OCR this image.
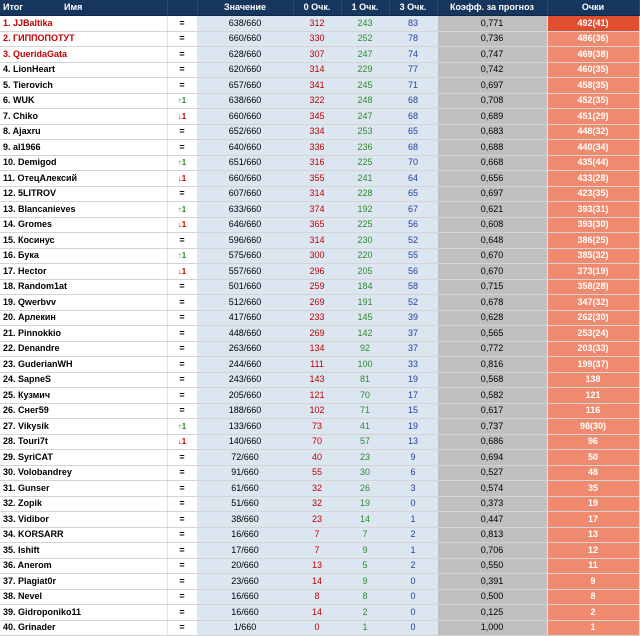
Итог Имя		Значение	0 Очк.	1 Очк.	3 Очк.	Коэфф. за прогноз	Очки
1. JJBaltika	=	638/660	312	243	83	0,771	492(41)
2. ГИППОПОТУТ	=	660/660	330	252	78	0,736	486(36)
3. QueridaGata	=	628/660	307	247	74	0,747	469(38)
4. LionHeart	=	620/660	314	229	77	0,742	460(35)
5. Tierovich	=	657/660	341	245	71	0,697	458(35)
6. WUK	↑1	638/660	322	248	68	0,708	452(35)
7. Chiko	↓1	660/660	345	247	68	0,689	451(29)
8. Ajaxru	=	652/660	334	253	65	0,683	448(32)
9. al1966	=	640/660	336	236	68	0,688	440(34)
10. Demigod	↑1	651/660	316	225	70	0,668	435(44)
11. ОтецАлексий	↓1	660/660	355	241	64	0,656	433(28)
12. 5LITROV	=	607/660	314	228	65	0,697	423(35)
13. Blancanieves	↑1	633/660	374	192	67	0,621	393(31)
14. Gromes	↓1	646/660	365	225	56	0,608	393(30)
15. Косинус	=	596/660	314	230	52	0,648	386(25)
16. Бука	↑1	575/660	300	220	55	0,670	385(32)
17. Hector	↓1	557/660	296	205	56	0,670	373(19)
18. Random1at	=	501/660	259	184	58	0,715	358(28)
19. Qwerbvv	=	512/660	269	191	52	0,678	347(32)
20. Арлекин	=	417/660	233	145	39	0,628	262(30)
21. Pinnokkio	=	448/660	269	142	37	0,565	253(24)
22. Denandre	=	263/660	134	92	37	0,772	203(33)
23. GuderianWH	=	244/660	111	100	33	0,816	199(37)
24. SapneS	=	243/660	143	81	19	0,568	138
25. Кузмич	=	205/660	121	70	17	0,582	121
26. Снег59	=	188/660	102	71	15	0,617	116
27. Vikysik	↑1	133/660	73	41	19	0,737	98(30)
28. Touri7t	↓1	140/660	70	57	13	0,686	96
29. SyriCAT	=	72/660	40	23	9	0,694	50
30. Volobandrey	=	91/660	55	30	6	0,527	48
31. Gunser	=	61/660	32	26	3	0,574	35
32. Zopik	=	51/660	32	19	0	0,373	19
33. Vidibor	=	38/660	23	14	1	0,447	17
34. KORSARR	=	16/660	7	7	2	0,813	13
35. Ishift	=	17/660	7	9	1	0,706	12
36. Anerom	=	20/660	13	5	2	0,550	11
37. Plagiat0r	=	23/660	14	9	0	0,391	9
38. Nevel	=	16/660	8	8	0	0,500	8
39. Gidroponiko11	=	16/660	14	2	0	0,125	2
40. Grinader	=	1/660	0	1	0	1,000	1
